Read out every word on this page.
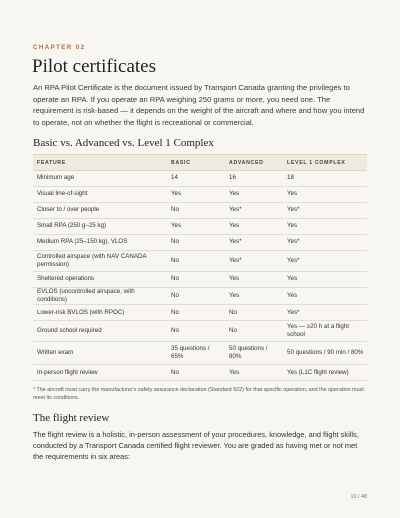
CHAPTER 02
Pilot certificates
An RPA Pilot Certificate is the document issued by Transport Canada granting the privileges to operate an RPA. If you operate an RPA weighing 250 grams or more, you need one. The requirement is risk-based — it depends on the weight of the aircraft and where and how you intend to operate, not on whether the flight is recreational or commercial.
Basic vs. Advanced vs. Level 1 Complex
FEATURE	BASIC	ADVANCED	LEVEL 1 COMPLEX
Minimum age	14	16	18
Visual line-of-sight	Yes	Yes	Yes
Closer to / over people	No	Yes*	Yes*
Small RPA (250 g–25 kg)	Yes	Yes	Yes
Medium RPA (25–150 kg), VLOS	No	Yes*	Yes*
Controlled airspace (with NAV CANADA permission)	No	Yes*	Yes*
Sheltered operations	No	Yes	Yes
EVLOS (uncontrolled airspace, with conditions)	No	Yes	Yes
Lower-risk BVLOS (with RPOC)	No	No	Yes*
Ground school required	No	No	Yes — ≥20 h at a flight school
Written exam	35 questions / 65%	50 questions / 80%	50 questions / 90 min / 80%
In-person flight review	No	Yes	Yes (L1C flight review)
* The aircraft must carry the manufacturer's safety assurance declaration (Standard 922) for that specific operation, and the operation must meet its conditions.
The flight review
The flight review is a holistic, in-person assessment of your procedures, knowledge, and flight skills, conducted by a Transport Canada certified flight reviewer. You are graded as having met or not met the requirements in six areas:
10 / 48
